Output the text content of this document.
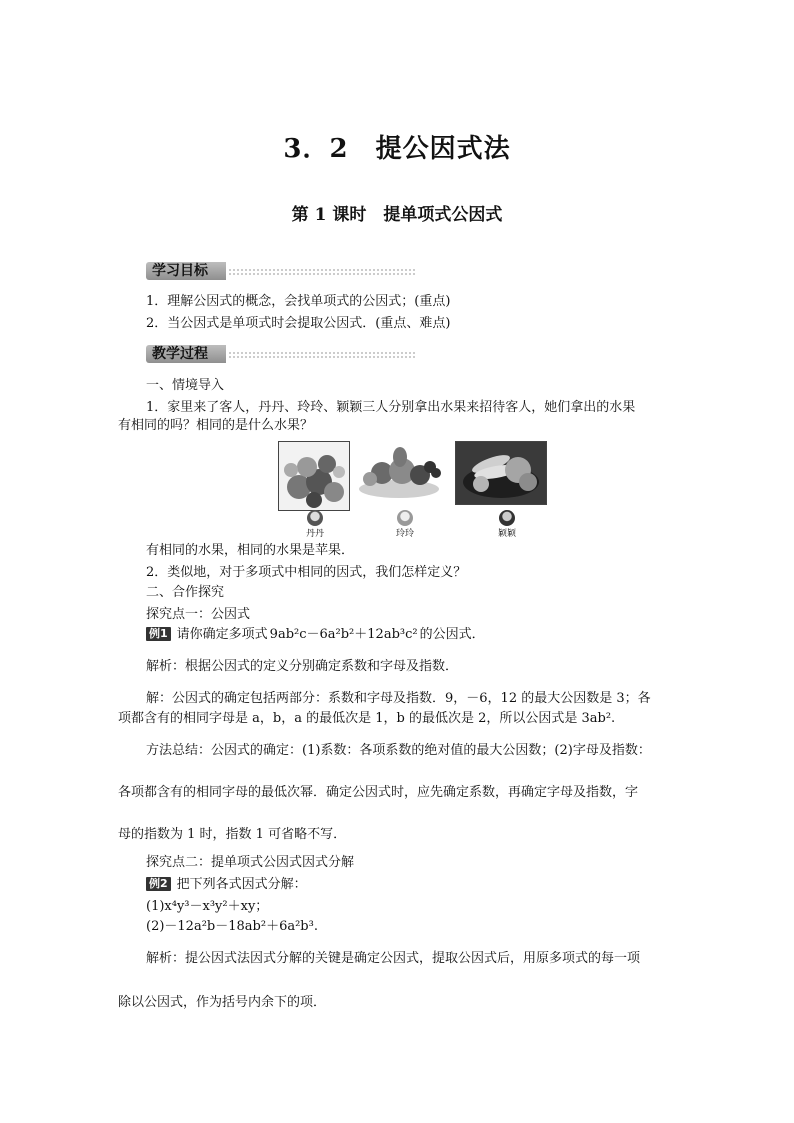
3．2　提公因式法
第 1 课时　提单项式公因式
学习目标
1．理解公因式的概念，会找单项式的公因式；(重点)
2．当公因式是单项式时会提取公因式．(重点、难点)
教学过程
一、情境导入
1．家里来了客人，丹丹、玲玲、颖颖三人分别拿出水果来招待客人，她们拿出的水果
有相同的吗？相同的是什么水果？
丹丹	玲玲	颖颖
有相同的水果，相同的水果是苹果．
2．类似地，对于多项式中相同的因式，我们怎样定义？
二、合作探究
探究点一：公因式
例1 请你确定多项式 9ab²c－6a²b²＋12ab³c² 的公因式．
解析：根据公因式的定义分别确定系数和字母及指数．
解：公因式的确定包括两部分：系数和字母及指数．9，－6，12 的最大公因数是 3；各
项都含有的相同字母是 a，b，a 的最低次是 1，b 的最低次是 2，所以公因式是 3ab².
方法总结：公因式的确定：(1)系数：各项系数的绝对值的最大公因数；(2)字母及指数：
各项都含有的相同字母的最低次幂．确定公因式时，应先确定系数，再确定字母及指数，字
母的指数为 1 时，指数 1 可省略不写．
探究点二：提单项式公因式因式分解
例2 把下列各式因式分解：
(1)x⁴y³－x³y²＋xy；
(2)－12a²b－18ab²＋6a²b³.
解析：提公因式法因式分解的关键是确定公因式，提取公因式后，用原多项式的每一项
除以公因式，作为括号内余下的项．
